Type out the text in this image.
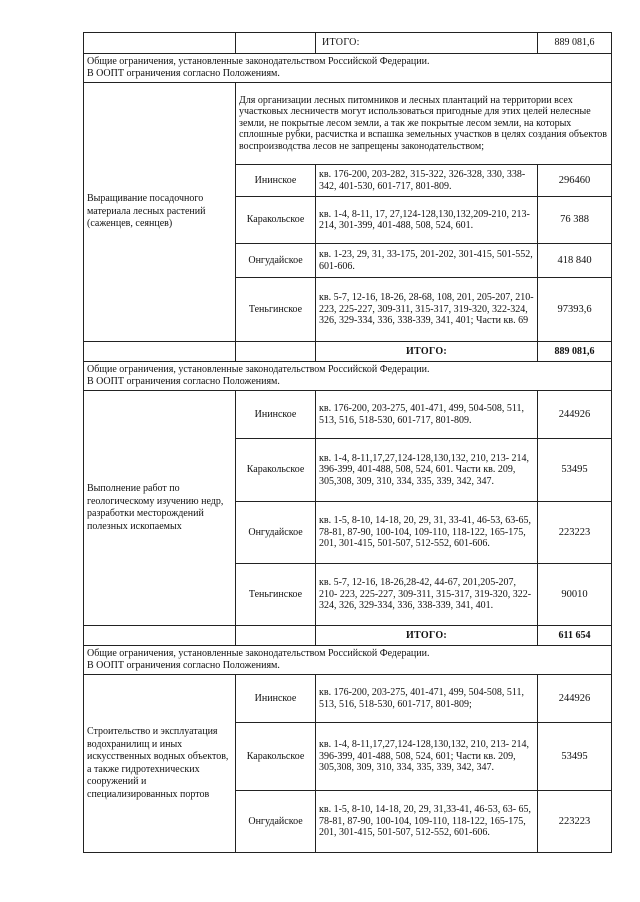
		ИТОГО:	889 081,6

Общие ограничения, установленные законодательством Российской Федерации.
В ООПТ ограничения согласно Положениям.			

Выращивание посадочного материала лесных растений (саженцев, сеянцев)	Для организации лесных питомников и лесных плантаций на территории всех участковых лесничеств могут использоваться пригодные для этих целей нелесные земли, не покрытые лесом земли, а так же покрытые лесом земли, на которых сплошные рубки, расчистка и вспашка земельных участков в целях создания объектов воспроизводства лесов не запрещены законодательством;		
	Ининское	кв. 176-200, 203-282, 315-322, 326-328, 330, 338-342, 401-530, 601-717, 801-809.	296460
	Каракольское	кв. 1-4, 8-11, 17, 27,124-128,130,132,209-210, 213-214, 301-399, 401-488, 508, 524, 601.	76 388
	Онгудайское	кв. 1-23, 29, 31, 33-175, 201-202, 301-415, 501-552, 601-606.	418 840
	Теньгинское	кв. 5-7, 12-16, 18-26, 28-68, 108, 201, 205-207, 210-223, 225-227, 309-311, 315-317, 319-320, 322-324, 326, 329-334, 336, 338-339, 341, 401; Части кв. 69	97393,6
		ИТОГО:	889 081,6

Общие ограничения, установленные законодательством Российской Федерации.
В ООПТ ограничения согласно Положениям.			

Выполнение работ по геологическому изучению недр, разработки месторождений полезных ископаемых	Ининское	кв. 176-200, 203-275, 401-471, 499, 504-508, 511, 513, 516, 518-530, 601-717, 801-809.	244926
	Каракольское	кв. 1-4, 8-11,17,27,124-128,130,132, 210, 213- 214, 396-399, 401-488, 508, 524, 601. Части кв. 209, 305,308, 309, 310, 334, 335, 339, 342, 347.	53495
	Онгудайское	кв. 1-5, 8-10, 14-18, 20, 29, 31, 33-41, 46-53, 63-65, 78-81, 87-90, 100-104, 109-110, 118-122, 165-175, 201, 301-415, 501-507, 512-552, 601-606.	223223
	Теньгинское	кв. 5-7, 12-16, 18-26,28-42, 44-67, 201,205-207, 210- 223, 225-227, 309-311, 315-317, 319-320, 322-324, 326, 329-334, 336, 338-339, 341, 401.	90010
		ИТОГО:	611 654

Общие ограничения, установленные законодательством Российской Федерации.
В ООПТ ограничения согласно Положениям.			

Строительство и эксплуатация водохранилищ и иных искусственных водных объектов, а также гидротехнических сооружений и специализированных портов	Ининское	кв. 176-200, 203-275, 401-471, 499, 504-508, 511, 513, 516, 518-530, 601-717, 801-809;	244926
	Каракольское	кв. 1-4, 8-11,17,27,124-128,130,132, 210, 213- 214, 396-399, 401-488, 508, 524, 601; Части кв. 209, 305,308, 309, 310, 334, 335, 339, 342, 347.	53495
	Онгудайское	кв. 1-5, 8-10, 14-18, 20, 29, 31,33-41, 46-53, 63- 65, 78-81, 87-90, 100-104, 109-110, 118-122, 165-175, 201, 301-415, 501-507, 512-552, 601-606.	223223
